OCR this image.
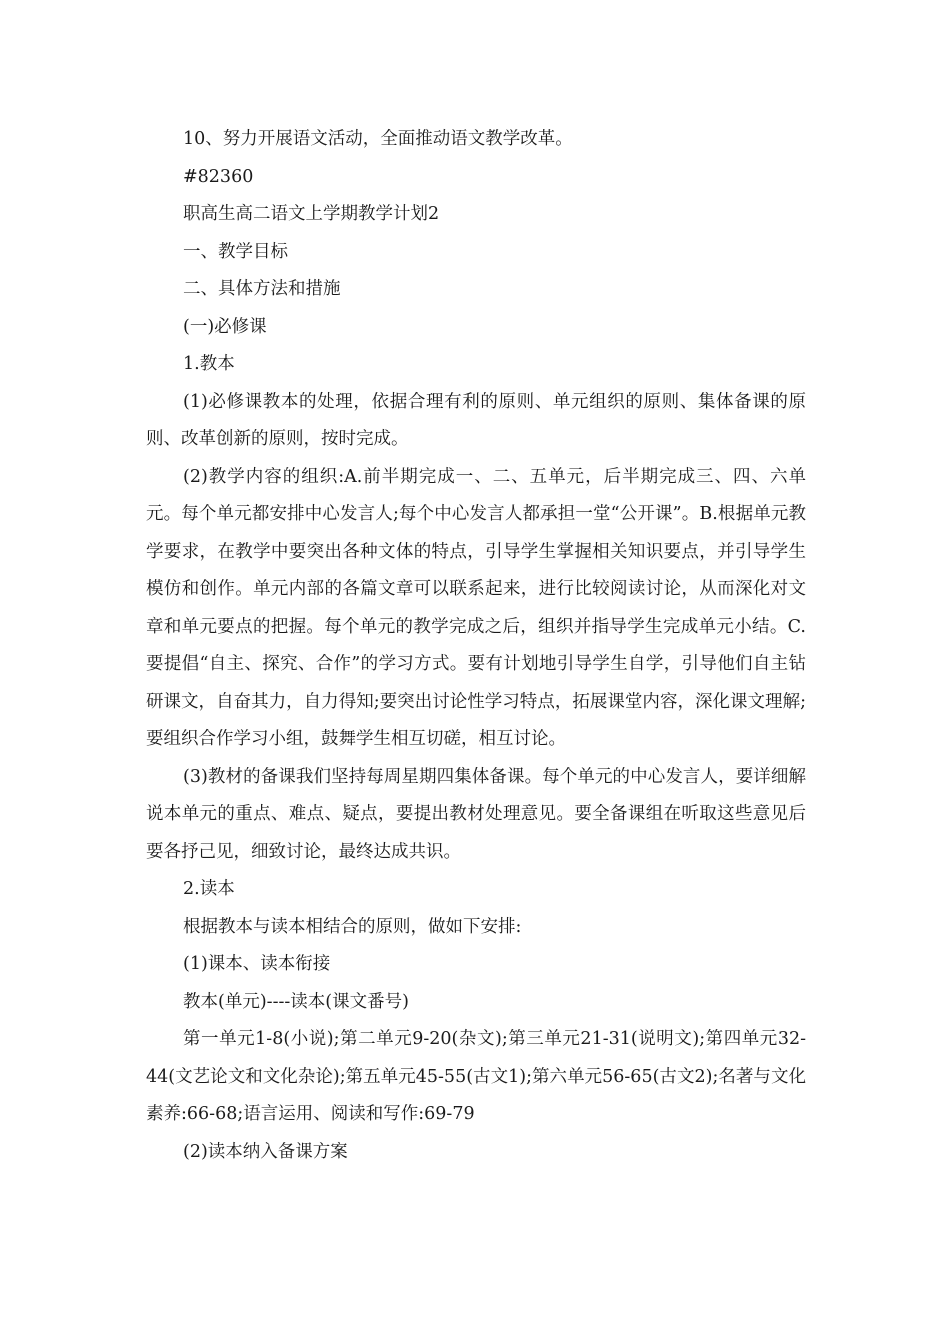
10、努力开展语文活动，全面推动语文教学改革。

#82360

职高生高二语文上学期教学计划2

一、教学目标

二、具体方法和措施

(一)必修课

1.教本

(1)必修课教本的处理，依据合理有利的原则、单元组织的原则、集体备课的原则、改革创新的原则，按时完成。

(2)教学内容的组织:A.前半期完成一、二、五单元，后半期完成三、四、六单元。每个单元都安排中心发言人;每个中心发言人都承担一堂“公开课”。B.根据单元教学要求，在教学中要突出各种文体的特点，引导学生掌握相关知识要点，并引导学生模仿和创作。单元内部的各篇文章可以联系起来，进行比较阅读讨论，从而深化对文章和单元要点的把握。每个单元的教学完成之后，组织并指导学生完成单元小结。C.要提倡“自主、探究、合作”的学习方式。要有计划地引导学生自学，引导他们自主钻研课文，自奋其力，自力得知;要突出讨论性学习特点，拓展课堂内容，深化课文理解;要组织合作学习小组，鼓舞学生相互切磋，相互讨论。

(3)教材的备课我们坚持每周星期四集体备课。每个单元的中心发言人，要详细解说本单元的重点、难点、疑点，要提出教材处理意见。要全备课组在听取这些意见后要各抒己见，细致讨论，最终达成共识。

2.读本

根据教本与读本相结合的原则，做如下安排:

(1)课本、读本衔接

教本(单元)----读本(课文番号)

第一单元1-8(小说);第二单元9-20(杂文);第三单元21-31(说明文);第四单元32-44(文艺论文和文化杂论);第五单元45-55(古文1);第六单元56-65(古文2);名著与文化素养:66-68;语言运用、阅读和写作:69-79

(2)读本纳入备课方案
